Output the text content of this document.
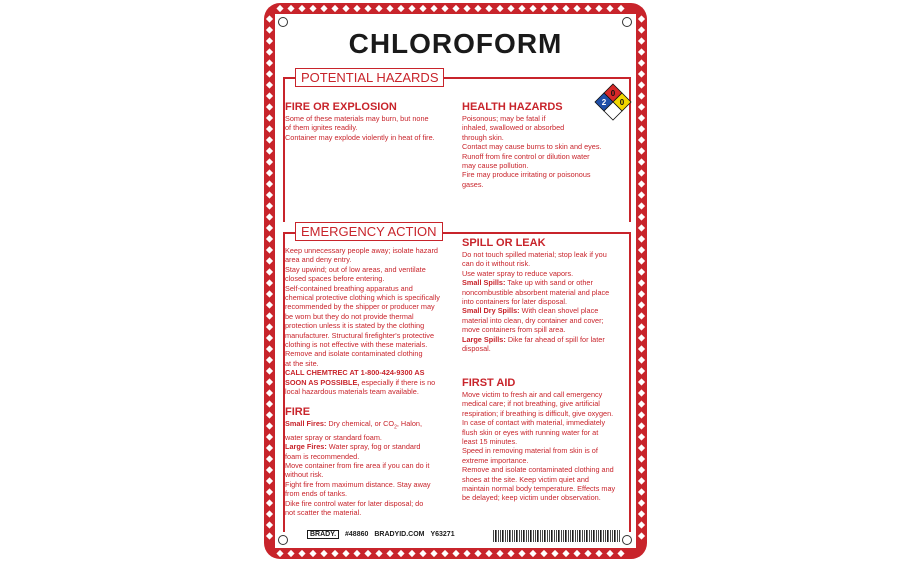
CHLOROFORM
POTENTIAL HAZARDS
FIRE OR EXPLOSION

Some of these materials may burn, but none

of them ignites readily.

Container may explode violently in heat of fire.

HEALTH HAZARDS

Poisonous; may be fatal if

inhaled, swallowed or absorbed

through skin.

Contact may cause burns to skin and eyes.

Runoff from fire control or dilution water

may cause pollution.

Fire may produce irritating or poisonous

gases.

0
2 0
EMERGENCY ACTION

Keep unnecessary people away; isolate hazard

area and deny entry.

Stay upwind; out of low areas, and ventilate

closed spaces before entering.

Self-contained breathing apparatus and

chemical protective clothing which is specifically

recommended by the shipper or producer may

be worn but they do not provide thermal

protection unless it is stated by the clothing

manufacturer. Structural firefighter's protective

clothing is not effective with these materials.

Remove and isolate contaminated clothing

at the site.

CALL CHEMTREC AT 1-800-424-9300 AS

SOON AS POSSIBLE, especially if there is no

local hazardous materials team available.

FIRE

Small Fires: Dry chemical, or $CO_2$, Halon,

water spray or standard foam.

Large Fires: Water spray, fog or standard

foam is recommended.

Move container from fire area if you can do it

without risk.

Fight fire from maximum distance. Stay away

from ends of tanks.

Dike fire control water for later disposal; do

not scatter the material.

SPILL OR LEAK

Do not touch spilled material; stop leak if you

can do it without risk.

Use water spray to reduce vapors.

Small Spills: Take up with sand or other

noncombustible absorbent material and place

into containers for later disposal.

Small Dry Spills: With clean shovel place

material into clean, dry container and cover;

move containers from spill area.

Large Spills: Dike far ahead of spill for later

disposal.

FIRST AID

Move victim to fresh air and call emergency

medical care; if not breathing, give artificial

respiration; if breathing is difficult, give oxygen.

In case of contact with material, immediately

flush skin or eyes with running water for at

least 15 minutes.

Speed in removing material from skin is of

extreme importance.

Remove and isolate contaminated clothing and

shoes at the site. Keep victim quiet and

maintain normal body temperature. Effects may

be delayed; keep victim under observation.

BRADY. #48860 BRADYID.COM Y63271
